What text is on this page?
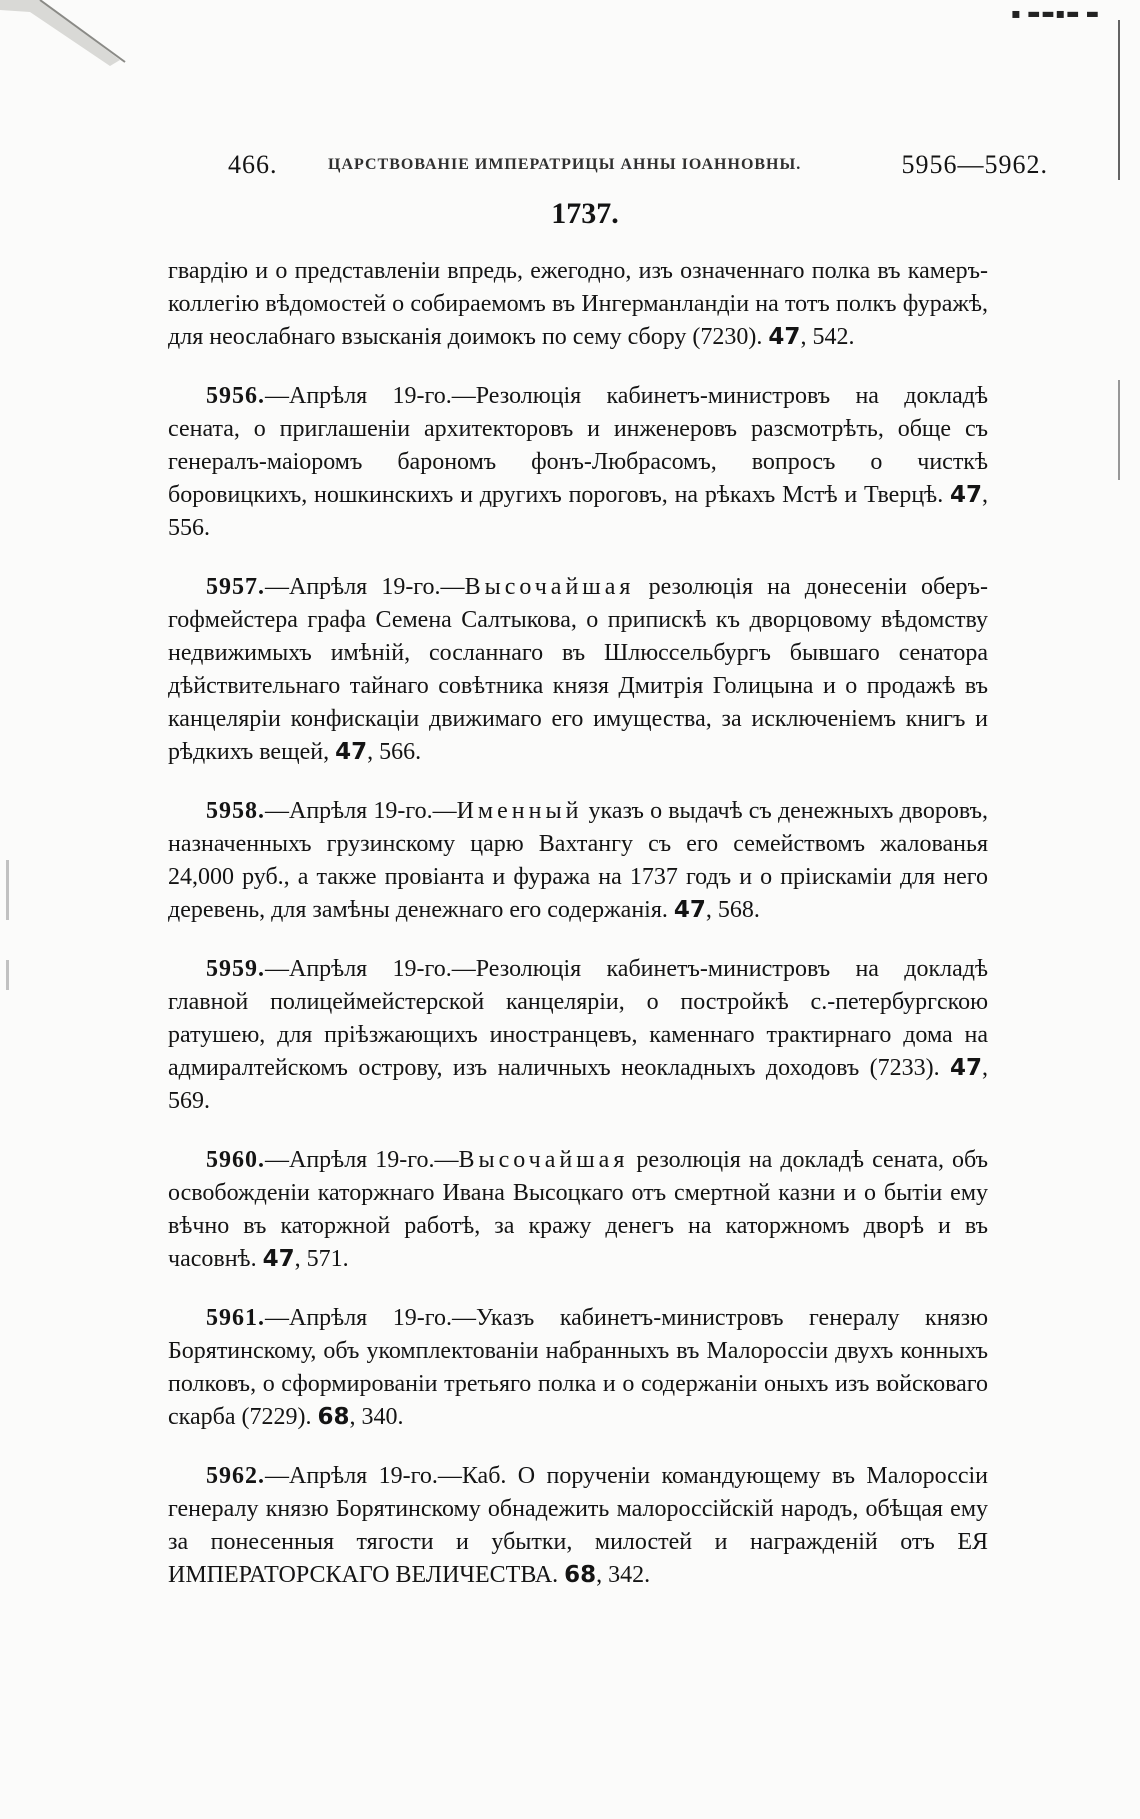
▪ ▬▬▪▬ ▬
466.	ЦАРСТВОВАНІЕ ИМПЕРАТРИЦЫ АННЫ ІОАННОВНЫ.	5956—5962.
1737.

гвардію и о представленіи впредь, ежегодно, изъ означеннаго полка въ камеръ-коллегію вѣдомостей о собираемомъ въ Ингерманландіи на тотъ полкъ фуражѣ, для неослабнаго взысканія доимокъ по сему сбору (7230). 47, 542.

5956.—Апрѣля 19-го.—Резолюція кабинетъ-министровъ на докладѣ сената, о приглашеніи архитекторовъ и инженеровъ разсмотрѣть, обще съ генералъ-маіоромъ барономъ фонъ-Любрасомъ, вопросъ о чисткѣ боровицкихъ, ношкинскихъ и другихъ пороговъ, на рѣкахъ Мстѣ и Тверцѣ. 47, 556.

5957.—Апрѣля 19-го.—Высочайшая резолюція на донесеніи оберъ-гофмейстера графа Семена Салтыкова, о припискѣ къ дворцовому вѣдомству недвижимыхъ имѣній, сосланнаго въ Шлюссельбургъ бывшаго сенатора дѣйствительнаго тайнаго совѣтника князя Дмитрія Голицына и о продажѣ въ канцеляріи конфискаціи движимаго его имущества, за исключеніемъ книгъ и рѣдкихъ вещей, 47, 566.

5958.—Апрѣля 19-го.—Именный указъ о выдачѣ съ денежныхъ дворовъ, назначенныхъ грузинскому царю Вахтангу съ его семействомъ жалованья 24,000 руб., а также провіанта и фуража на 1737 годъ и о пріискаміи для него деревень, для замѣны денежнаго его содержанія. 47, 568.

5959.—Апрѣля 19-го.—Резолюція кабинетъ-министровъ на докладѣ главной полицеймейстерской канцеляріи, о постройкѣ с.-петербургскою ратушею, для пріѣзжающихъ иностранцевъ, каменнаго трактирнаго дома на адмиралтейскомъ острову, изъ наличныхъ неокладныхъ доходовъ (7233). 47, 569.

5960.—Апрѣля 19-го.—Высочайшая резолюція на докладѣ сената, объ освобожденіи каторжнаго Ивана Высоцкаго отъ смертной казни и о бытіи ему вѣчно въ каторжной работѣ, за кражу денегъ на каторжномъ дворѣ и въ часовнѣ. 47, 571.

5961.—Апрѣля 19-го.—Указъ кабинетъ-министровъ генералу князю Борятинскому, объ укомплектованіи набранныхъ въ Малороссіи двухъ конныхъ полковъ, о сформированіи третьяго полка и о содержаніи оныхъ изъ войсковаго скарба (7229). 68, 340.

5962.—Апрѣля 19-го.—Каб. О порученіи командующему въ Малороссіи генералу князю Борятинскому обнадежить малороссійскій народъ, обѣщая ему за понесенныя тягости и убытки, милостей и награжденій отъ ЕЯ ИМПЕРАТОРСКАГО ВЕЛИЧЕСТВА. 68, 342.
